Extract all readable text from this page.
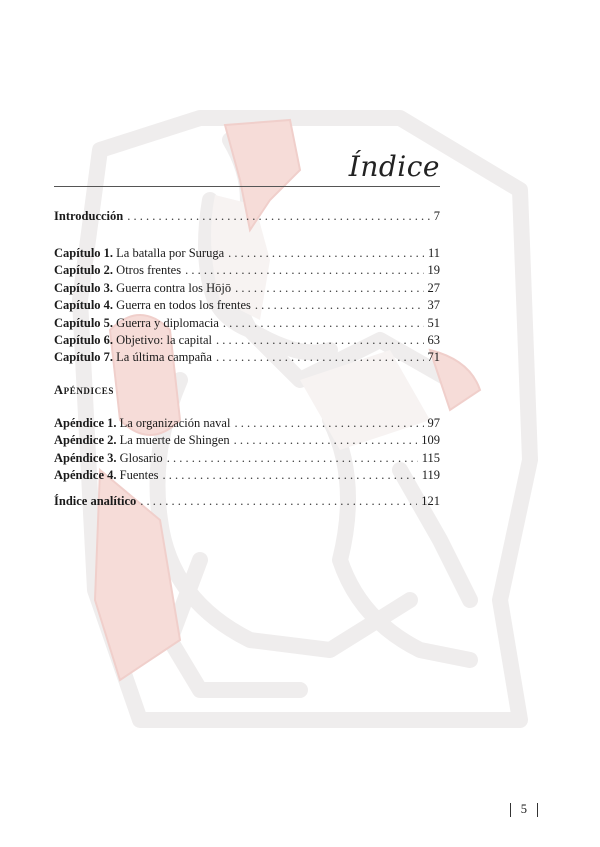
Índice
Introducción . . .	7
Capítulo 1. La batalla por Suruga . . .	11
Capítulo 2. Otros frentes . . .	19
Capítulo 3. Guerra contra los Hōjō . . .	27
Capítulo 4. Guerra en todos los frentes . . .	37
Capítulo 5. Guerra y diplomacia . . .	51
Capítulo 6. Objetivo: la capital . . .	63
Capítulo 7. La última campaña . . .	71
Apéndices
Apéndice 1. La organización naval . . .	97
Apéndice 2. La muerte de Shingen . . .	109
Apéndice 3. Glosario . . .	115
Apéndice 4. Fuentes . . .	119
Índice analítico . . .	121
5
